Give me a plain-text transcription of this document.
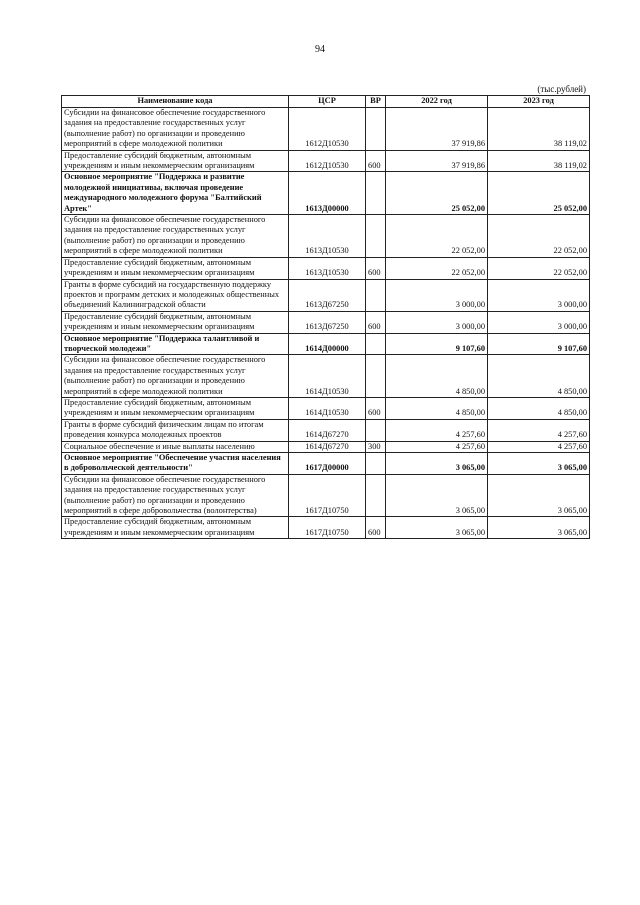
94
(тыс.рублей)
Наименование кода	ЦСР	ВР	2022 год	2023 год
Субсидии на финансовое обеспечение государственного задания на предоставление государственных услуг (выполнение работ) по организации и проведению мероприятий в сфере молодежной политики	1612Д10530		37 919,86	38 119,02
Предоставление субсидий бюджетным, автономным учреждениям и иным некоммерческим организациям	1612Д10530	600	37 919,86	38 119,02
Основное мероприятие "Поддержка и развитие молодежной инициативы, включая проведение международного молодежного форума "Балтийский Артек"	1613Д00000		25 052,00	25 052,00
Субсидии на финансовое обеспечение государственного задания на предоставление государственных услуг (выполнение работ) по организации и проведению мероприятий в сфере молодежной политики	1613Д10530		22 052,00	22 052,00
Предоставление субсидий бюджетным, автономным учреждениям и иным некоммерческим организациям	1613Д10530	600	22 052,00	22 052,00
Гранты в форме субсидий на государственную поддержку проектов и программ детских и молодежных общественных объединений Калининградской области	1613Д67250		3 000,00	3 000,00
Предоставление субсидий бюджетным, автономным учреждениям и иным некоммерческим организациям	1613Д67250	600	3 000,00	3 000,00
Основное мероприятие "Поддержка талантливой и творческой молодежи"	1614Д00000		9 107,60	9 107,60
Субсидии на финансовое обеспечение государственного задания на предоставление государственных услуг (выполнение работ) по организации и проведению мероприятий в сфере молодежной политики	1614Д10530		4 850,00	4 850,00
Предоставление субсидий бюджетным, автономным учреждениям и иным некоммерческим организациям	1614Д10530	600	4 850,00	4 850,00
Гранты в форме субсидий физическим лицам по итогам проведения конкурса молодежных проектов	1614Д67270		4 257,60	4 257,60
Социальное обеспечение и иные выплаты населению	1614Д67270	300	4 257,60	4 257,60
Основное мероприятие "Обеспечение участия населения в добровольческой деятельности"	1617Д00000		3 065,00	3 065,00
Субсидии на финансовое обеспечение государственного задания на предоставление государственных услуг (выполнение работ) по организации и проведению мероприятий в сфере добровольчества (волонтерства)	1617Д10750		3 065,00	3 065,00
Предоставление субсидий бюджетным, автономным учреждениям и иным некоммерческим организациям	1617Д10750	600	3 065,00	3 065,00
